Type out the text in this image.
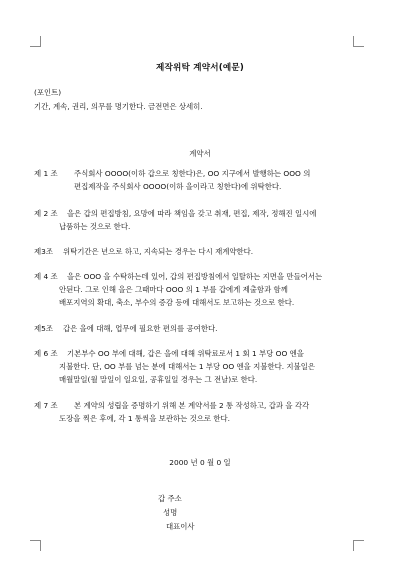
제작위탁 계약서(예문)
(포인트)
기간, 계속, 권리, 의무를 명기한다. 금전면은 상세히.
계약서
제 1 조	주식회사 OOOO(이하 갑으로 칭한다)은, OO 지구에서 발행하는 OOO 의
편집제작을 주식회사 OOOO(이하 을이라고 칭한다)에 위탁한다.
제 2 조	을은 갑의 편집방침, 요망에 따라 책임을 갖고 취재, 편집, 제작, 정해진 일시에
납품하는 것으로 한다.
제3조	위탁기간은 년으로 하고, 지속되는 경우는 다시 재계약한다.
제 4 조	을은 OOO 을 수탁하는데 있어, 갑의 편집방침에서 일탈하는 지면을 만들어서는
안된다. 그로 인해 을은 그때마다 OOO 의 1 부를 갑에게 제출함과 함께
배포지역의 확대, 축소, 부수의 증감 등에 대해서도 보고하는 것으로 한다.
제5조	갑은 을에 대해, 업무에 필요한 편의를 공여한다.
제 6 조	기본부수 OO 부에 대해, 갑은 을에 대해 위탁료로서 1 회 1 부당 OO 엔을
지불한다. 단, OO 부를 넘는 분에 대해서는 1 부당 OO 엔을 지불한다. 지불일은
매월말일(월 말일이 일요일, 공휴일일 경우는 그 전날)로 한다.
제 7 조	본 계약의 성립을 증명하기 위해 본 계약서를 2 통 작성하고, 갑과 을 각각
도장을 찍은 후에, 각 1 통씩을 보관하는 것으로 한다.
2000 년 0 월 0 일
갑 주소
성명
대표이사
